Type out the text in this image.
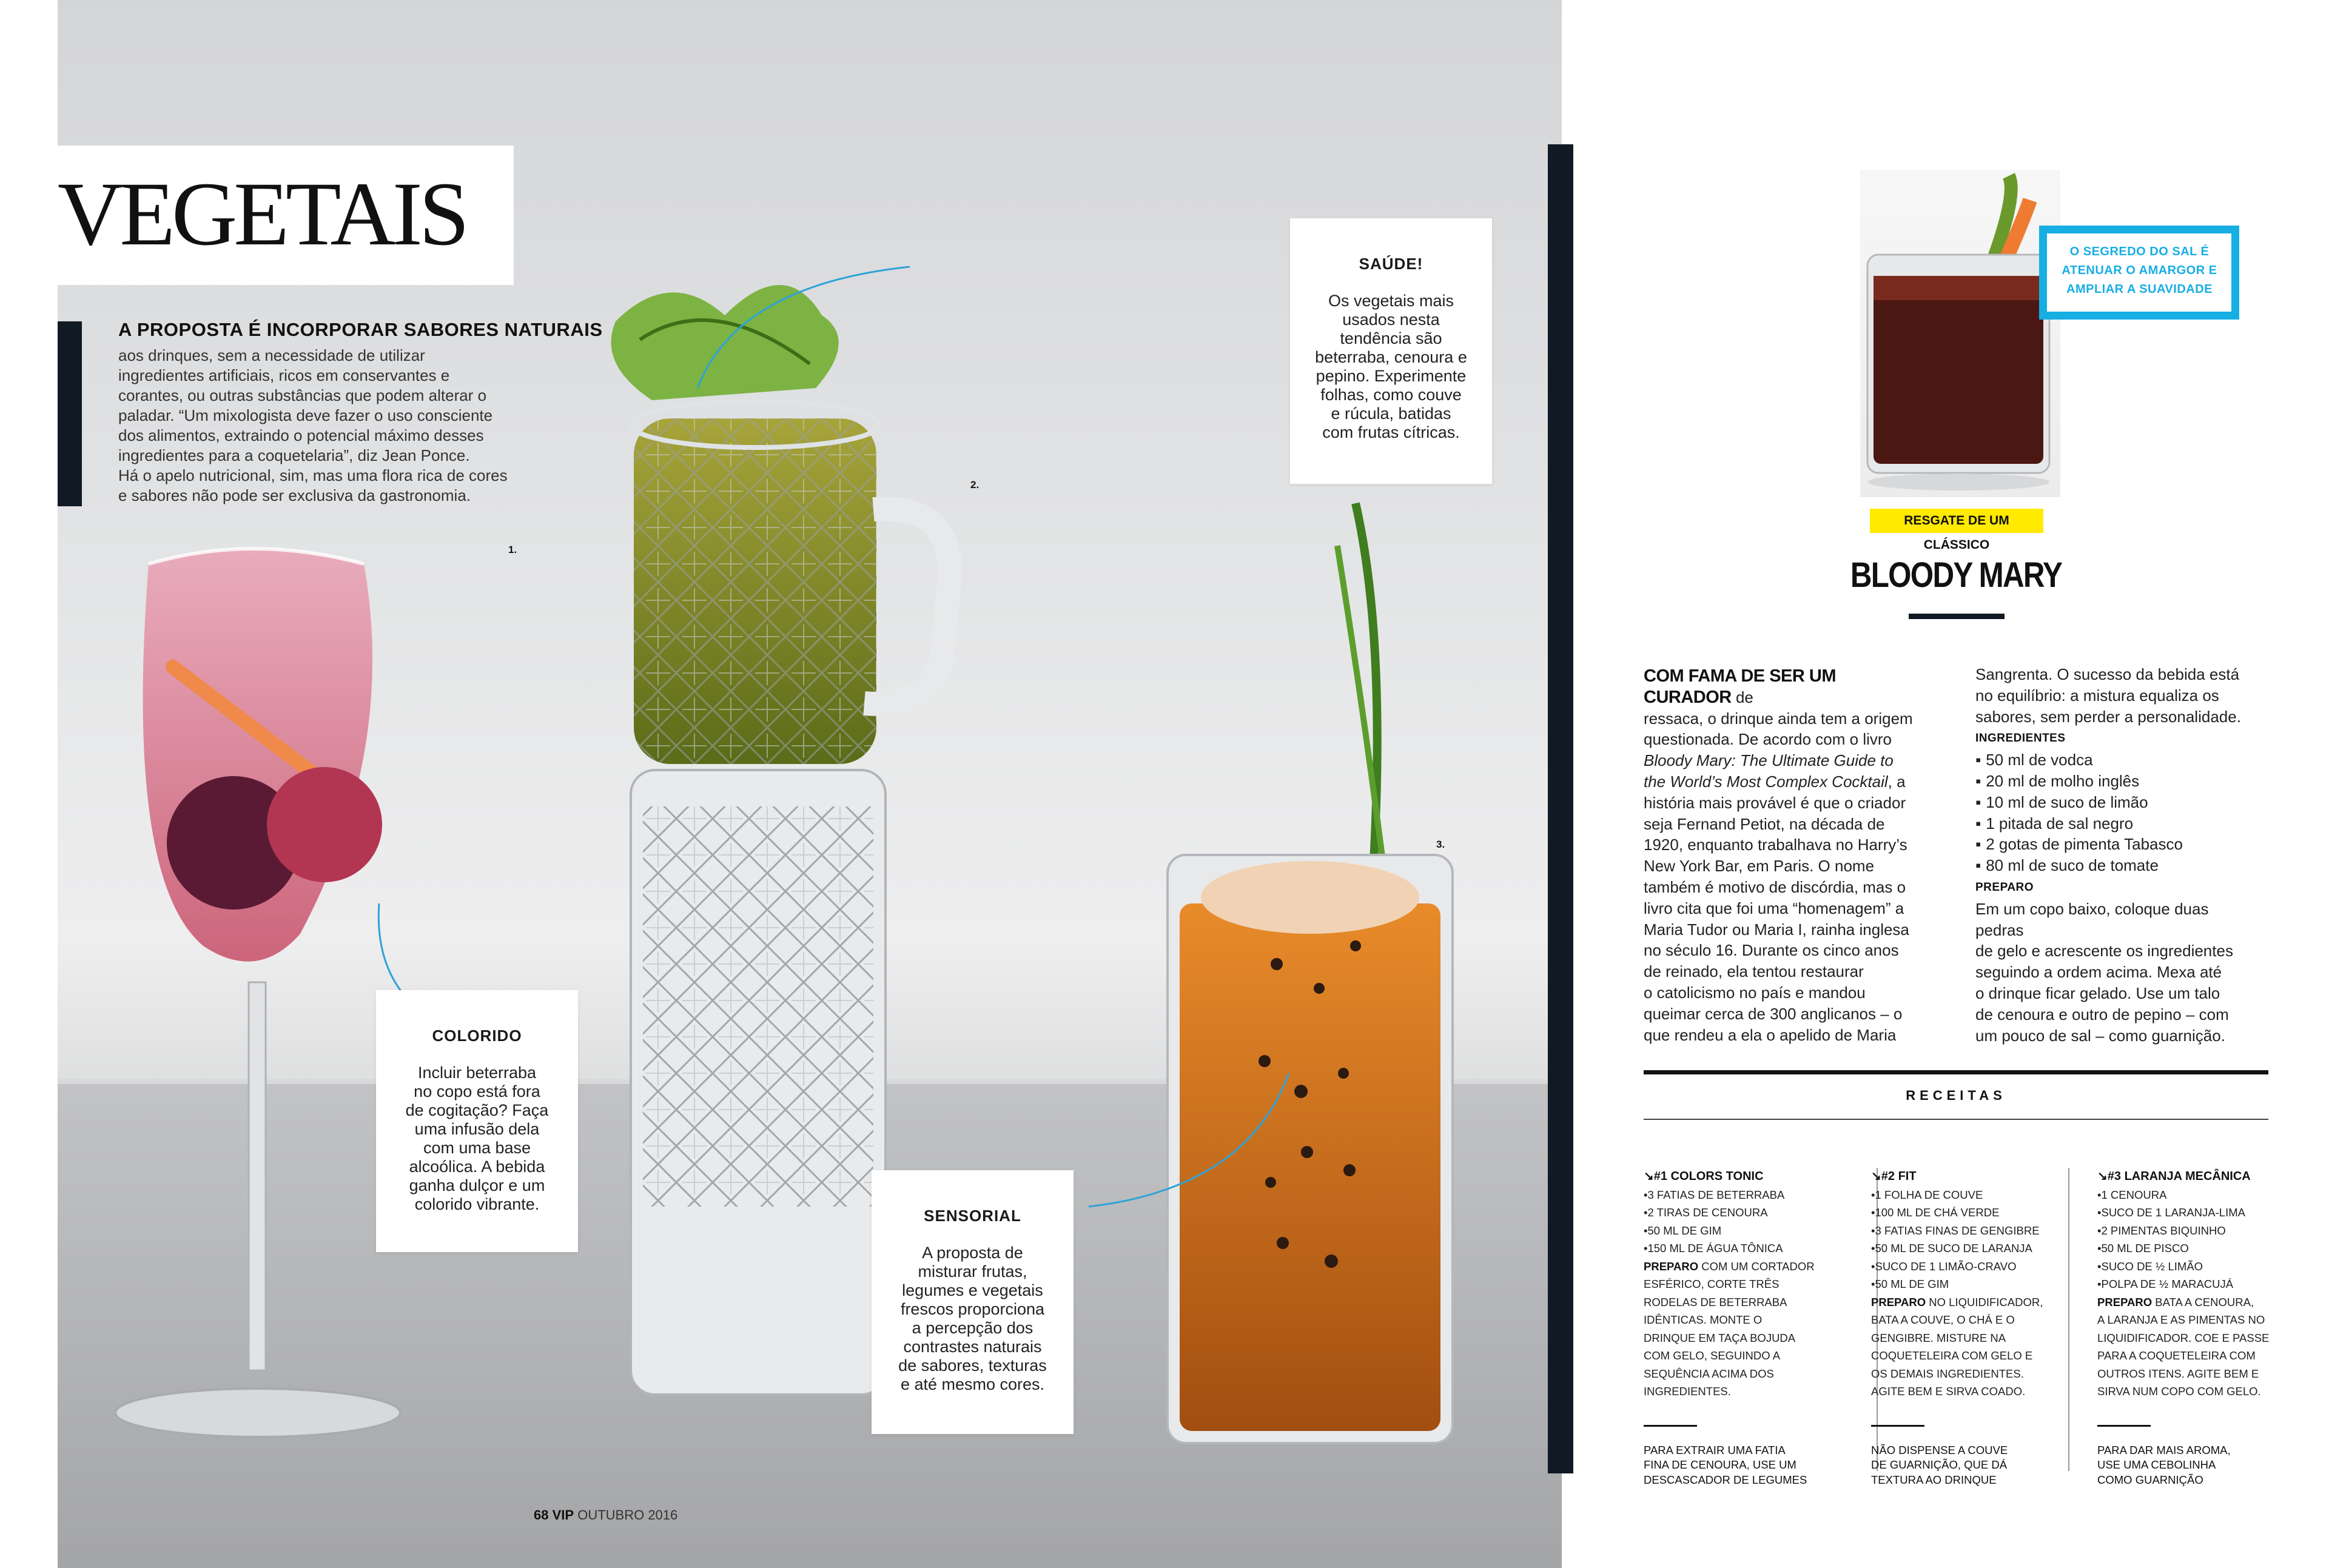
VEGETAIS
A PROPOSTA É INCORPORAR SABORES NATURAIS
aos drinques, sem a necessidade de utilizar
ingredientes artificiais, ricos em conservantes e
corantes, ou outras substâncias que podem alterar o
paladar. “Um mixologista deve fazer o uso consciente
dos alimentos, extraindo o potencial máximo desses
ingredientes para a coquetelaria”, diz Jean Ponce.
Há o apelo nutricional, sim, mas uma flora rica de cores
e sabores não pode ser exclusiva da gastronomia.
1.
2.
3.
SAÚDE!
Os vegetais mais
usados nesta
tendência são
beterraba, cenoura e
pepino. Experimente
folhas, como couve
e rúcula, batidas
com frutas cítricas.
COLORIDO
Incluir beterraba
no copo está fora
de cogitação? Faça
uma infusão dela
com uma base
alcoólica. A bebida
ganha dulçor e um
colorido vibrante.
SENSORIAL
A proposta de
misturar frutas,
legumes e vegetais
frescos proporciona
a percepção dos
contrastes naturais
de sabores, texturas
e até mesmo cores.
68 VIP OUTUBRO 2016
O SEGREDO DO SAL É
ATENUAR O AMARGOR E
AMPLIAR A SUAVIDADE
RESGATE DE UM CLÁSSICO
BLOODY MARY
COM FAMA DE SER UM CURADOR de
ressaca, o drinque ainda tem a origem
questionada. De acordo com o livro
Bloody Mary: The Ultimate Guide to
the World’s Most Complex Cocktail, a
história mais provável é que o criador
seja Fernand Petiot, na década de
1920, enquanto trabalhava no Harry’s
New York Bar, em Paris. O nome
também é motivo de discórdia, mas o
livro cita que foi uma “homenagem” a
Maria Tudor ou Maria I, rainha inglesa
no século 16. Durante os cinco anos
de reinado, ela tentou restaurar
o catolicismo no país e mandou
queimar cerca de 300 anglicanos – o
que rendeu a ela o apelido de Maria
Sangrenta. O sucesso da bebida está
no equilíbrio: a mistura equaliza os
sabores, sem perder a personalidade.
INGREDIENTES
▪ 50 ml de vodca
▪ 20 ml de molho inglês
▪ 10 ml de suco de limão
▪ 1 pitada de sal negro
▪ 2 gotas de pimenta Tabasco
▪ 80 ml de suco de tomate
PREPARO
Em um copo baixo, coloque duas pedras
de gelo e acrescente os ingredientes
seguindo a ordem acima. Mexa até
o drinque ficar gelado. Use um talo
de cenoura e outro de pepino – com
um pouco de sal – como guarnição.
RECEITAS
↘ #1 COLORS TONIC
• 3 FATIAS DE BETERRABA
• 2 TIRAS DE CENOURA
• 50 ML DE GIM
• 150 ML DE ÁGUA TÔNICA
PREPARO COM UM CORTADOR
ESFÉRICO, CORTE TRÊS
RODELAS DE BETERRABA
IDÊNTICAS. MONTE O
DRINQUE EM TAÇA BOJUDA
COM GELO, SEGUINDO A
SEQUÊNCIA ACIMA DOS
INGREDIENTES.
PARA EXTRAIR UMA FATIA
FINA DE CENOURA, USE UM
DESCASCADOR DE LEGUMES
↘ #2 FIT
• 1 FOLHA DE COUVE
• 100 ML DE CHÁ VERDE
• 3 FATIAS FINAS DE GENGIBRE
• 50 ML DE SUCO DE LARANJA
• SUCO DE 1 LIMÃO-CRAVO
• 50 ML DE GIM
PREPARO NO LIQUIDIFICADOR,
BATA A COUVE, O CHÁ E O
GENGIBRE. MISTURE NA
COQUETELEIRA COM GELO E
OS DEMAIS INGREDIENTES.
AGITE BEM E SIRVA COADO.
NÃO DISPENSE A COUVE
DE GUARNIÇÃO, QUE DÁ
TEXTURA AO DRINQUE
↘ #3 LARANJA MECÂNICA
• 1 CENOURA
• SUCO DE 1 LARANJA-LIMA
• 2 PIMENTAS BIQUINHO
• 50 ML DE PISCO
• SUCO DE ½ LIMÃO
• POLPA DE ½ MARACUJÁ
PREPARO BATA A CENOURA,
A LARANJA E AS PIMENTAS NO
LIQUIDIFICADOR. COE E PASSE
PARA A COQUETELEIRA COM
OUTROS ITENS. AGITE BEM E
SIRVA NUM COPO COM GELO.
PARA DAR MAIS AROMA,
USE UMA CEBOLINHA
COMO GUARNIÇÃO
